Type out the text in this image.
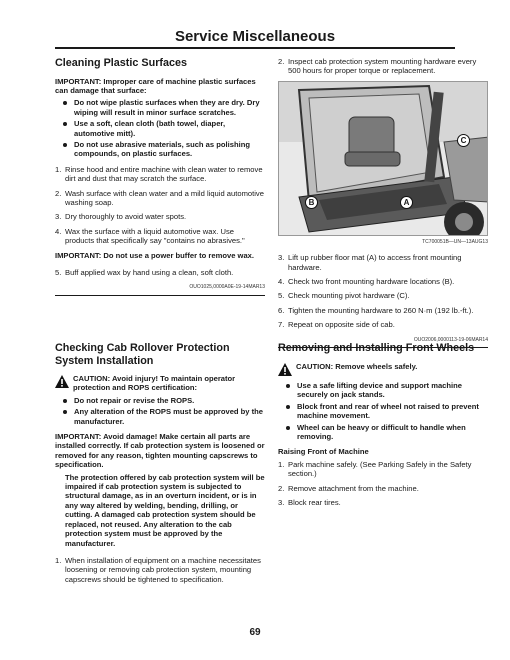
Service Miscellaneous
Cleaning Plastic Surfaces
IMPORTANT: Improper care of machine plastic surfaces can damage that surface:
Do not wipe plastic surfaces when they are dry. Dry wiping will result in minor surface scratches.
Use a soft, clean cloth (bath towel, diaper, automotive mitt).
Do not use abrasive materials, such as polishing compounds, on plastic surfaces.
1. Rinse hood and entire machine with clean water to remove dirt and dust that may scratch the surface.
2. Wash surface with clean water and a mild liquid automotive washing soap.
3. Dry thoroughly to avoid water spots.
4. Wax the surface with a liquid automotive wax. Use products that specifically say "contains no abrasives."
IMPORTANT: Do not use a power buffer to remove wax.
5. Buff applied wax by hand using a clean, soft cloth.
OUO1025,0000A0E-19-14MAR13
2. Inspect cab protection system mounting hardware every 500 hours for proper torque or replacement.
B	A
C
TC700051B—UN—13AUG13
3. Lift up rubber floor mat (A) to access front mounting hardware.
4. Check two front mounting hardware locations (B).
5. Check mounting pivot hardware (C).
6. Tighten the mounting hardware to 260 N·m (192 lb.-ft.).
7. Repeat on opposite side of cab.
OUO2006,0000113-19-06MAR14
Checking Cab Rollover Protection System Installation
CAUTION: Avoid injury! To maintain operator protection and ROPS certification:
Do not repair or revise the ROPS.
Any alteration of the ROPS must be approved by the manufacturer.
IMPORTANT: Avoid damage! Make certain all parts are installed correctly. If cab protection system is loosened or removed for any reason, tighten mounting capscrews to specification.
The protection offered by cab protection system will be impaired if cab protection system is subjected to structural damage, as in an overturn incident, or is in any way altered by welding, bending, drilling, or cutting. A damaged cab protection system should be replaced, not reused. Any alteration to the cab protection system must be approved by the manufacturer.
1. When installation of equipment on a machine necessitates loosening or removing cab protection system, mounting capscrews should be tightened to specification.
Removing and Installing Front Wheels
CAUTION: Remove wheels safely.
Use a safe lifting device and support machine securely on jack stands.
Block front and rear of wheel not raised to prevent machine movement.
Wheel can be heavy or difficult to handle when removing.
Raising Front of Machine
1. Park machine safely. (See Parking Safely in the Safety section.)
2. Remove attachment from the machine.
3. Block rear tires.
69
